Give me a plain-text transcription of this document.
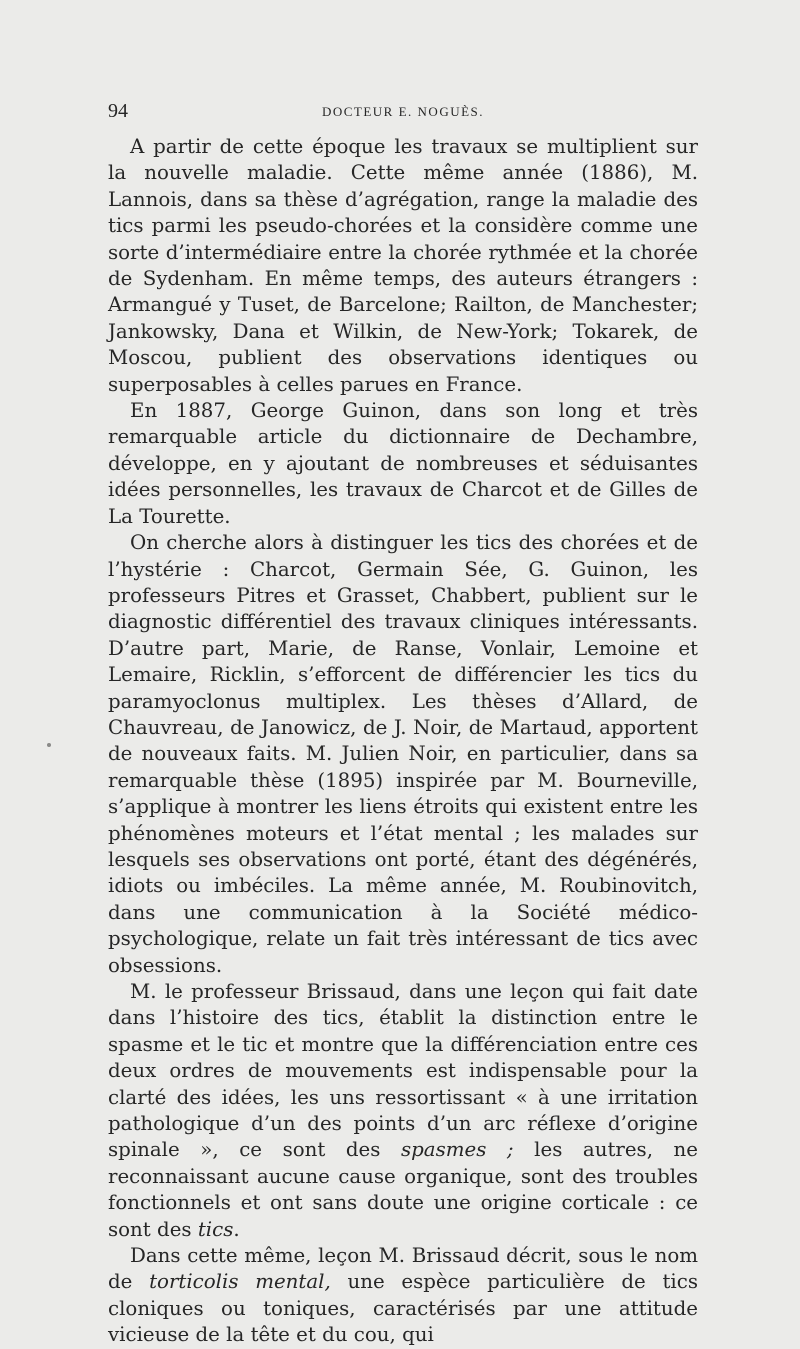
94	DOCTEUR E. NOGUÈS.

A partir de cette époque les travaux se multiplient sur la nouvelle maladie. Cette même année (1886), M. Lannois, dans sa thèse d’agrégation, range la maladie des tics parmi les pseudo-chorées et la considère comme une sorte d’intermédiaire entre la chorée rythmée et la chorée de Sydenham. En même temps, des auteurs étrangers : Armangué y Tuset, de Barcelone; Railton, de Manchester; Jankowsky, Dana et Wilkin, de New-York; Tokarek, de Moscou, publient des observations identiques ou superposables à celles parues en France.

En 1887, George Guinon, dans son long et très remarquable article du dictionnaire de Dechambre, développe, en y ajoutant de nombreuses et séduisantes idées personnelles, les travaux de Charcot et de Gilles de La Tourette.

On cherche alors à distinguer les tics des chorées et de l’hystérie : Charcot, Germain Sée, G. Guinon, les professeurs Pitres et Grasset, Chabbert, publient sur le diagnostic différentiel des travaux cliniques intéressants. D’autre part, Marie, de Ranse, Vonlair, Lemoine et Lemaire, Ricklin, s’efforcent de différencier les tics du paramyoclonus multiplex. Les thèses d’Allard, de Chauvreau, de Janowicz, de J. Noir, de Martaud, apportent de nouveaux faits. M. Julien Noir, en particulier, dans sa remarquable thèse (1895) inspirée par M. Bourneville, s’applique à montrer les liens étroits qui existent entre les phénomènes moteurs et l’état mental ; les malades sur lesquels ses observations ont porté, étant des dégénérés, idiots ou imbéciles. La même année, M. Roubinovitch, dans une communication à la Société médico-psychologique, relate un fait très intéressant de tics avec obsessions.

M. le professeur Brissaud, dans une leçon qui fait date dans l’histoire des tics, établit la distinction entre le spasme et le tic et montre que la différenciation entre ces deux ordres de mouvements est indispensable pour la clarté des idées, les uns ressortissant « à une irritation pathologique d’un des points d’un arc réflexe d’origine spinale », ce sont des spasmes ; les autres, ne reconnaissant aucune cause organique, sont des troubles fonctionnels et ont sans doute une origine corticale : ce sont des tics.

Dans cette même, leçon M. Brissaud décrit, sous le nom de torticolis mental, une espèce particulière de tics cloniques ou toniques, caractérisés par une attitude vicieuse de la tête et du cou, qui
